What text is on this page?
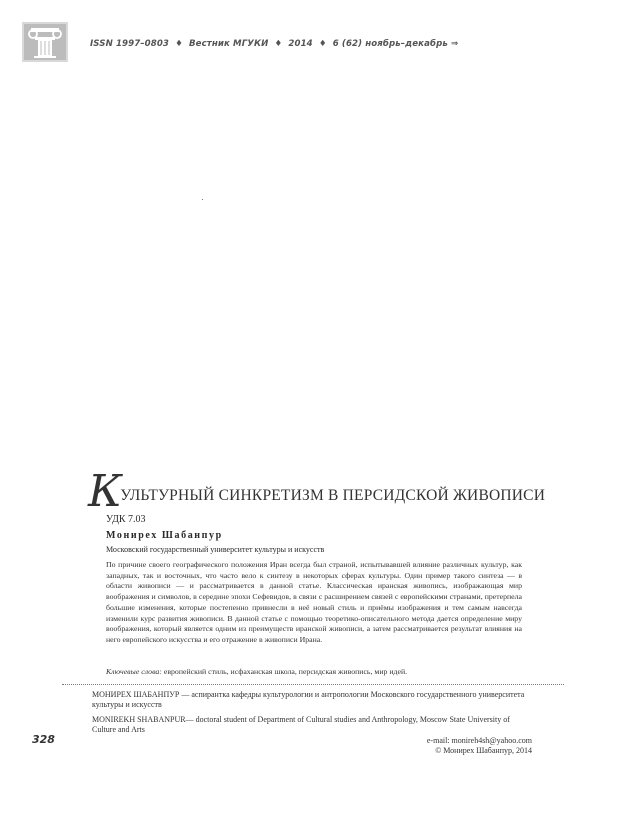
ISSN 1997–0803 ♦ Вестник МГУКИ ♦ 2014 ♦ 6 (62) ноябрь–декабрь ⇒
КУЛЬТУРНЫЙ СИНКРЕТИЗМ В ПЕРСИДСКОЙ ЖИВОПИСИ
УДК 7.03
Монирех Шабанпур
Московский государственный университет культуры и искусств
По причине своего географического положения Иран всегда был страной, испытывавшей влияние различных культур, как западных, так и восточных, что часто вело к синтезу в некоторых сферах культуры. Один пример такого синтеза — в области живописи — и рассматривается в данной статье. Классическая иранская живопись, изображающая мир воображения и символов, в середине эпохи Сефевидов, в связи с расширением связей с европейскими странами, претерпела большие изменения, которые постепенно привнесли в неё новый стиль и приёмы изображения и тем самым навсегда изменили курс развития живописи. В данной статье с помощью теоретико-описательного метода дается определение миру воображения, который является одним из преимуществ иранской живописи, а затем рассматривается результат влияния на него европейского искусства и его отражение в живописи Ирана.
Ключевые слова: европейский стиль, исфаханская школа, персидская живопись, мир идей.
МОНИРЕХ ШАБАНПУР — аспирантка кафедры культурологии и антропологии Московского государственного университета культуры и искусств
MONIREKH SHABANPUR— doctoral student of Department of Cultural studies and Anthropology, Moscow State University of Culture and Arts
328	e-mail: monireh4sh@yahoo.com
© Монирех Шабанпур, 2014
